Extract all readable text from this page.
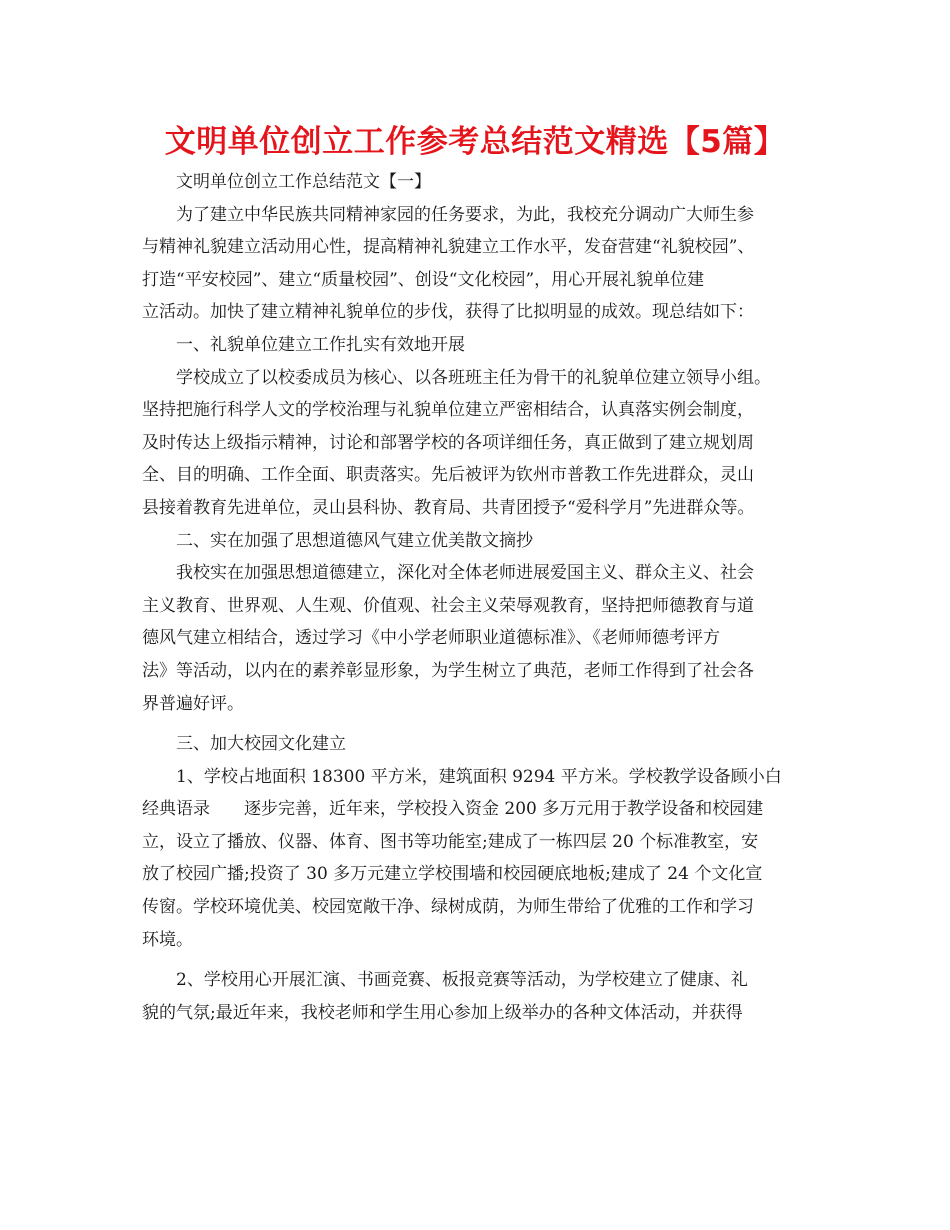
文明单位创立工作参考总结范文精选【5篇】
文明单位创立工作总结范文【一】
为了建立中华民族共同精神家园的任务要求，为此，我校充分调动广大师生参
与精神礼貌建立活动用心性，提高精神礼貌建立工作水平，发奋营建“礼貌校园”、
打造“平安校园”、建立“质量校园”、创设“文化校园”，用心开展礼貌单位建
立活动。加快了建立精神礼貌单位的步伐，获得了比拟明显的成效。现总结如下：
一、礼貌单位建立工作扎实有效地开展
学校成立了以校委成员为核心、以各班班主任为骨干的礼貌单位建立领导小组。
坚持把施行科学人文的学校治理与礼貌单位建立严密相结合，认真落实例会制度，
及时传达上级指示精神，讨论和部署学校的各项详细任务，真正做到了建立规划周
全、目的明确、工作全面、职责落实。先后被评为钦州市普教工作先进群众，灵山
县接着教育先进单位，灵山县科协、教育局、共青团授予“爱科学月”先进群众等。
二、实在加强了思想道德风气建立优美散文摘抄
我校实在加强思想道德建立，深化对全体老师进展爱国主义、群众主义、社会
主义教育、世界观、人生观、价值观、社会主义荣辱观教育，坚持把师德教育与道
德风气建立相结合，透过学习《中小学老师职业道德标准》、《老师师德考评方
法》等活动，以内在的素养彰显形象，为学生树立了典范，老师工作得到了社会各
界普遍好评。
三、加大校园文化建立
1、学校占地面积 18300 平方米，建筑面积 9294 平方米。学校教学设备顾小白
经典语录　　逐步完善，近年来，学校投入资金 200 多万元用于教学设备和校园建
立，设立了播放、仪器、体育、图书等功能室;建成了一栋四层 20 个标准教室，安
放了校园广播;投资了 30 多万元建立学校围墙和校园硬底地板;建成了 24 个文化宣
传窗。学校环境优美、校园宽敞干净、绿树成荫，为师生带给了优雅的工作和学习
环境。
2、学校用心开展汇演、书画竞赛、板报竞赛等活动，为学校建立了健康、礼
貌的气氛;最近年来，我校老师和学生用心参加上级举办的各种文体活动，并获得
